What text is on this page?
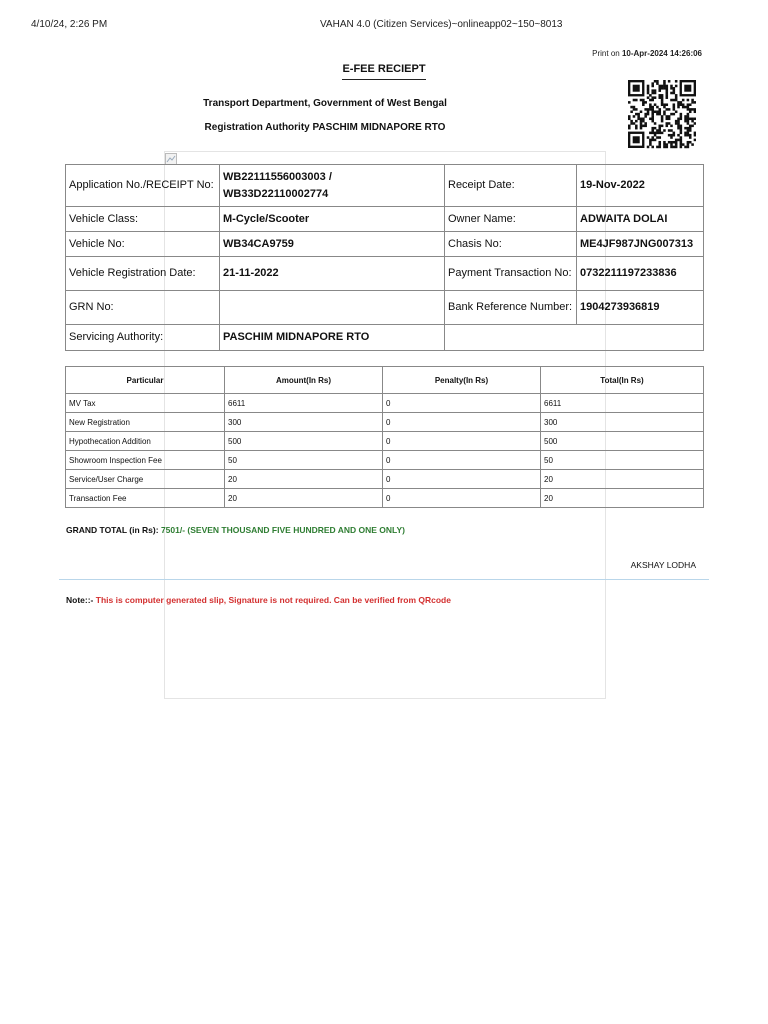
4/10/24, 2:26 PM	VAHAN 4.0 (Citizen Services)~onlineapp02~150~8013
Print on 10-Apr-2024 14:26:06
E-FEE RECIEPT
Transport Department, Government of West Bengal
Registration Authority PASCHIM MIDNAPORE RTO
Application No./RECEIPT No:	WB22111556003003 /
WB33D22110002774	Receipt Date:	19-Nov-2022
Vehicle Class:	M-Cycle/Scooter	Owner Name:	ADWAITA DOLAI
Vehicle No:	WB34CA9759	Chasis No:	ME4JF987JNG007313
Vehicle Registration Date:	21-11-2022	Payment Transaction No:	0732211197233836
GRN No:		Bank Reference Number:	1904273936819
Servicing Authority:	PASCHIM MIDNAPORE RTO		
Particular	Amount(In Rs)	Penalty(In Rs)	Total(In Rs)
MV Tax	6611	0	6611
New Registration	300	0	300
Hypothecation Addition	500	0	500
Showroom Inspection Fee	50	0	50
Service/User Charge	20	0	20
Transaction Fee	20	0	20
GRAND TOTAL (in Rs): 7501/- (SEVEN THOUSAND FIVE HUNDRED AND ONE ONLY)
AKSHAY LODHA
Note::- This is computer generated slip, Signature is not required. Can be verified from QRcode
